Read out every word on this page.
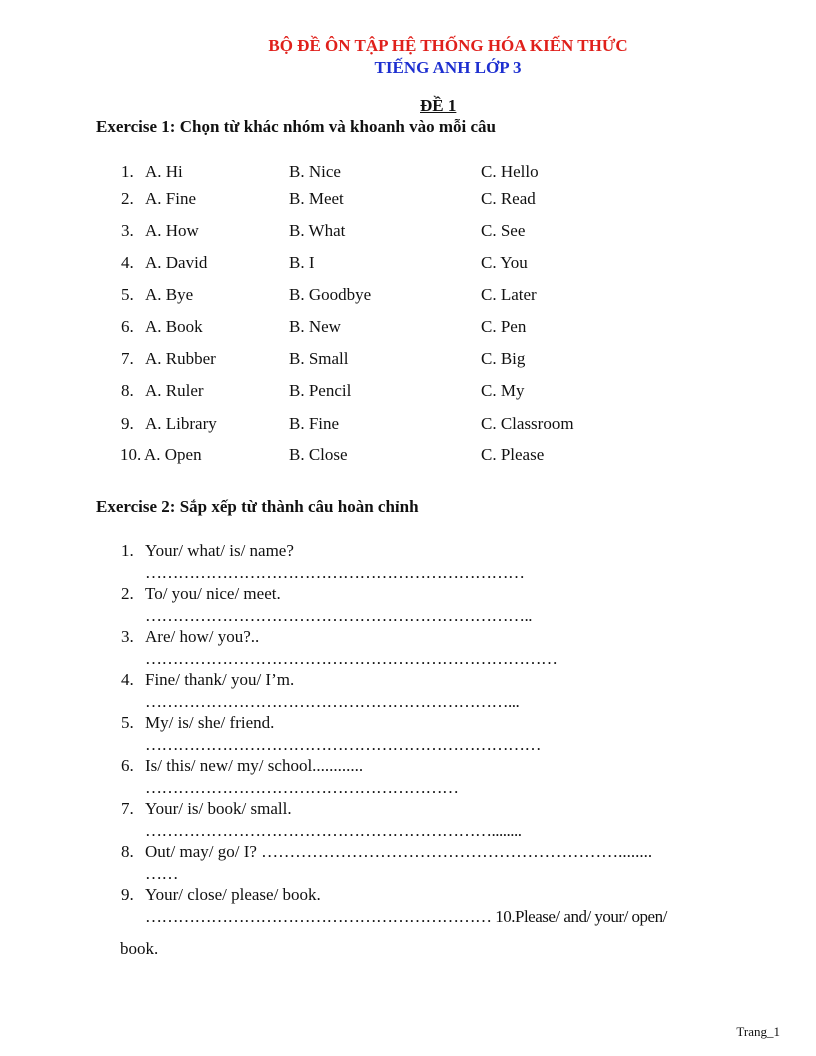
BỘ ĐỀ ÔN TẬP HỆ THỐNG HÓA KIẾN THỨC
TIẾNG ANH LỚP 3
ĐỀ 1
Exercise 1: Chọn từ khác nhóm và khoanh vào mỗi câu
1. A. Hi	B. Nice	C. Hello
2. A. Fine	B. Meet	C. Read
3. A. How	B. What	C. See
4. A. David	B. I	C. You
5. A. Bye	B. Goodbye	C. Later
6. A. Book	B. New	C. Pen
7. A. Rubber	B. Small	C. Big
8. A. Ruler	B. Pencil	C. My
9. A. Library	B. Fine	C. Classroom
10. A. Open	B. Close	C. Please
Exercise 2: Sắp xếp từ thành câu hoàn chỉnh
1. Your/ what/ is/ name?
……………………………………………………………
2. To/ you/ nice/ meet.
……………………………………………………………..
3. Are/ how/ you?..
…………………………………………………………………
4. Fine/ thank/ you/ I’m.
…………………………………………………………...
5. My/ is/ she/ friend.
………………………………………………………………
6. Is/ this/ new/ my/ school............
…………………………………………………
7. Your/ is/ book/ small.
………………………………………………………........
8. Out/ may/ go/ I? ………………………………………………………........
……
9. Your/ close/ please/ book.
……………………………………………………… 10.Please/ and/ your/ open/
book.
Trang_1
